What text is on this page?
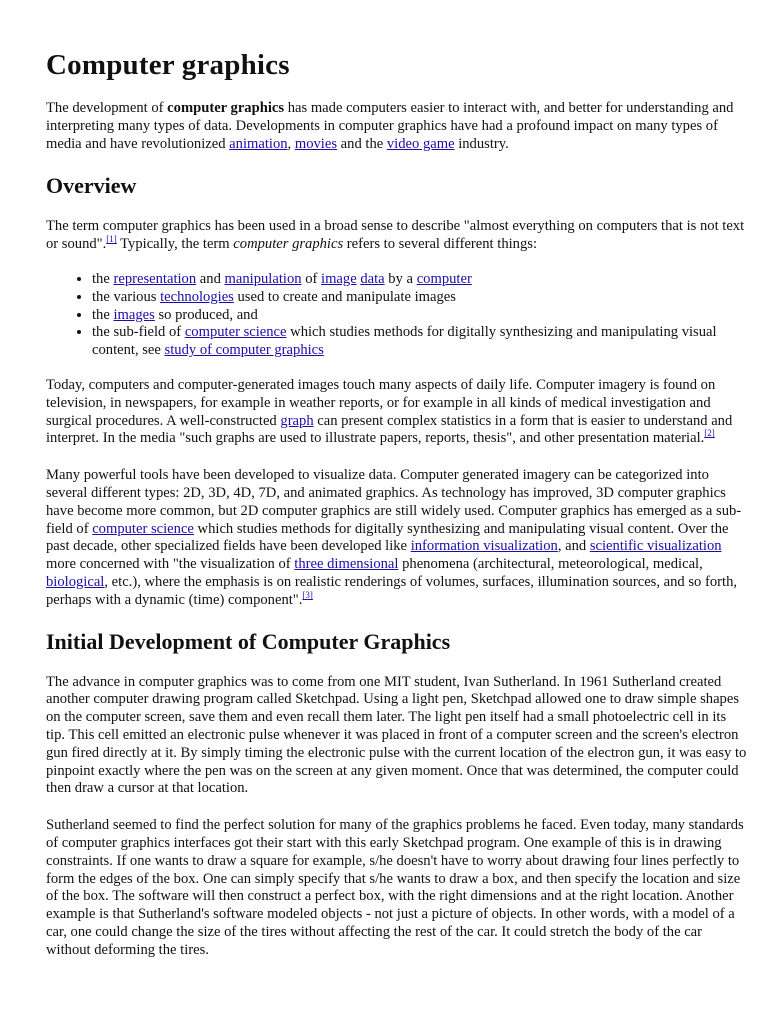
Computer graphics

The development of computer graphics has made computers easier to interact with, and better for understanding and interpreting many types of data. Developments in computer graphics have had a profound impact on many types of media and have revolutionized animation, movies and the video game industry.

Overview

The term computer graphics has been used in a broad sense to describe "almost everything on computers that is not text or sound".[1] Typically, the term computer graphics refers to several different things:

• the representation and manipulation of image data by a computer
• the various technologies used to create and manipulate images
• the images so produced, and
• the sub-field of computer science which studies methods for digitally synthesizing and manipulating visual content, see study of computer graphics

Today, computers and computer-generated images touch many aspects of daily life. Computer imagery is found on television, in newspapers, for example in weather reports, or for example in all kinds of medical investigation and surgical procedures. A well-constructed graph can present complex statistics in a form that is easier to understand and interpret. In the media "such graphs are used to illustrate papers, reports, thesis", and other presentation material.[2]

Many powerful tools have been developed to visualize data. Computer generated imagery can be categorized into several different types: 2D, 3D, 4D, 7D, and animated graphics. As technology has improved, 3D computer graphics have become more common, but 2D computer graphics are still widely used. Computer graphics has emerged as a sub-field of computer science which studies methods for digitally synthesizing and manipulating visual content. Over the past decade, other specialized fields have been developed like information visualization, and scientific visualization more concerned with "the visualization of three dimensional phenomena (architectural, meteorological, medical, biological, etc.), where the emphasis is on realistic renderings of volumes, surfaces, illumination sources, and so forth, perhaps with a dynamic (time) component".[3]

Initial Development of Computer Graphics

The advance in computer graphics was to come from one MIT student, Ivan Sutherland. In 1961 Sutherland created another computer drawing program called Sketchpad. Using a light pen, Sketchpad allowed one to draw simple shapes on the computer screen, save them and even recall them later. The light pen itself had a small photoelectric cell in its tip. This cell emitted an electronic pulse whenever it was placed in front of a computer screen and the screen's electron gun fired directly at it. By simply timing the electronic pulse with the current location of the electron gun, it was easy to pinpoint exactly where the pen was on the screen at any given moment. Once that was determined, the computer could then draw a cursor at that location.

Sutherland seemed to find the perfect solution for many of the graphics problems he faced. Even today, many standards of computer graphics interfaces got their start with this early Sketchpad program. One example of this is in drawing constraints. If one wants to draw a square for example, s/he doesn't have to worry about drawing four lines perfectly to form the edges of the box. One can simply specify that s/he wants to draw a box, and then specify the location and size of the box. The software will then construct a perfect box, with the right dimensions and at the right location. Another example is that Sutherland's software modeled objects - not just a picture of objects. In other words, with a model of a car, one could change the size of the tires without affecting the rest of the car. It could stretch the body of the car without deforming the tires.
